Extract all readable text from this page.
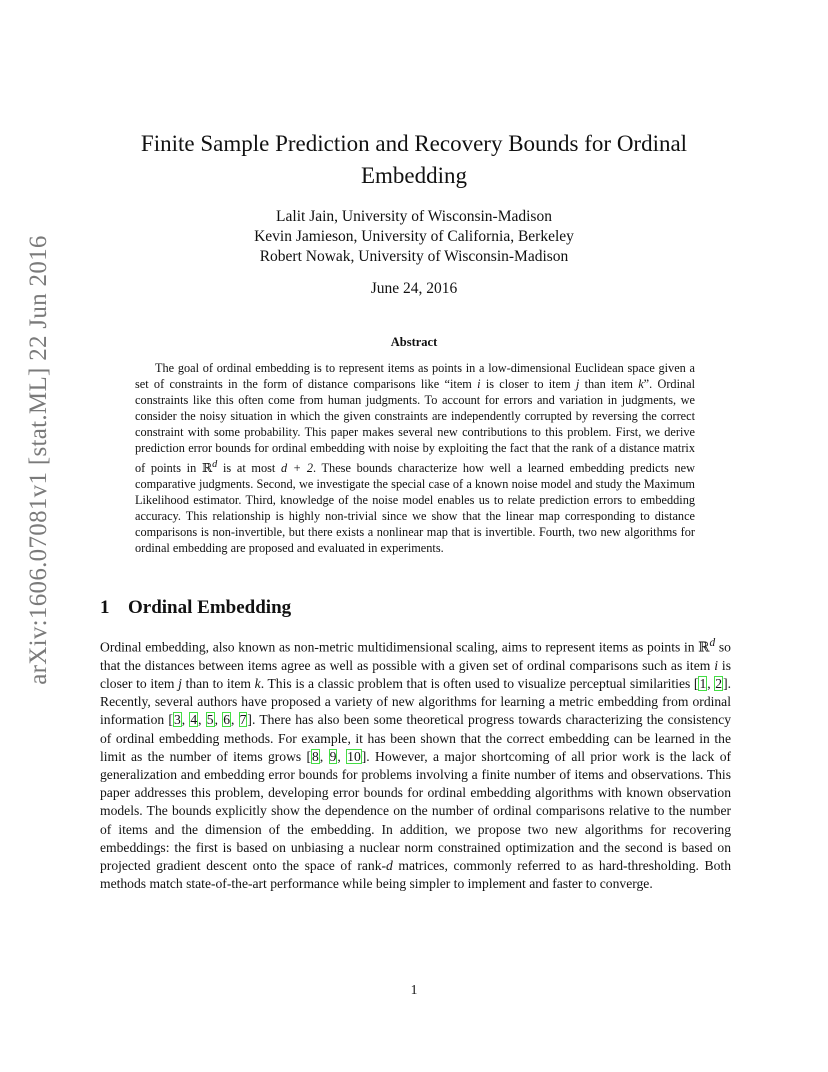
arXiv:1606.07081v1 [stat.ML] 22 Jun 2016
Finite Sample Prediction and Recovery Bounds for Ordinal Embedding
Lalit Jain, University of Wisconsin-Madison
Kevin Jamieson, University of California, Berkeley
Robert Nowak, University of Wisconsin-Madison
June 24, 2016
Abstract
The goal of ordinal embedding is to represent items as points in a low-dimensional Euclidean space given a set of constraints in the form of distance comparisons like “item i is closer to item j than item k”. Ordinal constraints like this often come from human judgments. To account for errors and variation in judgments, we consider the noisy situation in which the given constraints are independently corrupted by reversing the correct constraint with some probability. This paper makes several new contributions to this problem. First, we derive prediction error bounds for ordinal embedding with noise by exploiting the fact that the rank of a distance matrix of points in ℝ$^d$ is at most d + 2. These bounds characterize how well a learned embedding predicts new comparative judgments. Second, we investigate the special case of a known noise model and study the Maximum Likelihood estimator. Third, knowledge of the noise model enables us to relate prediction errors to embedding accuracy. This relationship is highly non-trivial since we show that the linear map corresponding to distance comparisons is non-invertible, but there exists a nonlinear map that is invertible. Fourth, two new algorithms for ordinal embedding are proposed and evaluated in experiments.
1 Ordinal Embedding
Ordinal embedding, also known as non-metric multidimensional scaling, aims to represent items as points in ℝ$^d$ so that the distances between items agree as well as possible with a given set of ordinal comparisons such as item i is closer to item j than to item k. This is a classic problem that is often used to visualize perceptual similarities [1, 2]. Recently, several authors have proposed a variety of new algorithms for learning a metric embedding from ordinal information [3, 4, 5, 6, 7]. There has also been some theoretical progress towards characterizing the consistency of ordinal embedding methods. For example, it has been shown that the correct embedding can be learned in the limit as the number of items grows [8, 9, 10]. However, a major shortcoming of all prior work is the lack of generalization and embedding error bounds for problems involving a finite number of items and observations. This paper addresses this problem, developing error bounds for ordinal embedding algorithms with known observation models. The bounds explicitly show the dependence on the number of ordinal comparisons relative to the number of items and the dimension of the embedding. In addition, we propose two new algorithms for recovering embeddings: the first is based on unbiasing a nuclear norm constrained optimization and the second is based on projected gradient descent onto the space of rank-d matrices, commonly referred to as hard-thresholding. Both methods match state-of-the-art performance while being simpler to implement and faster to converge.
1
